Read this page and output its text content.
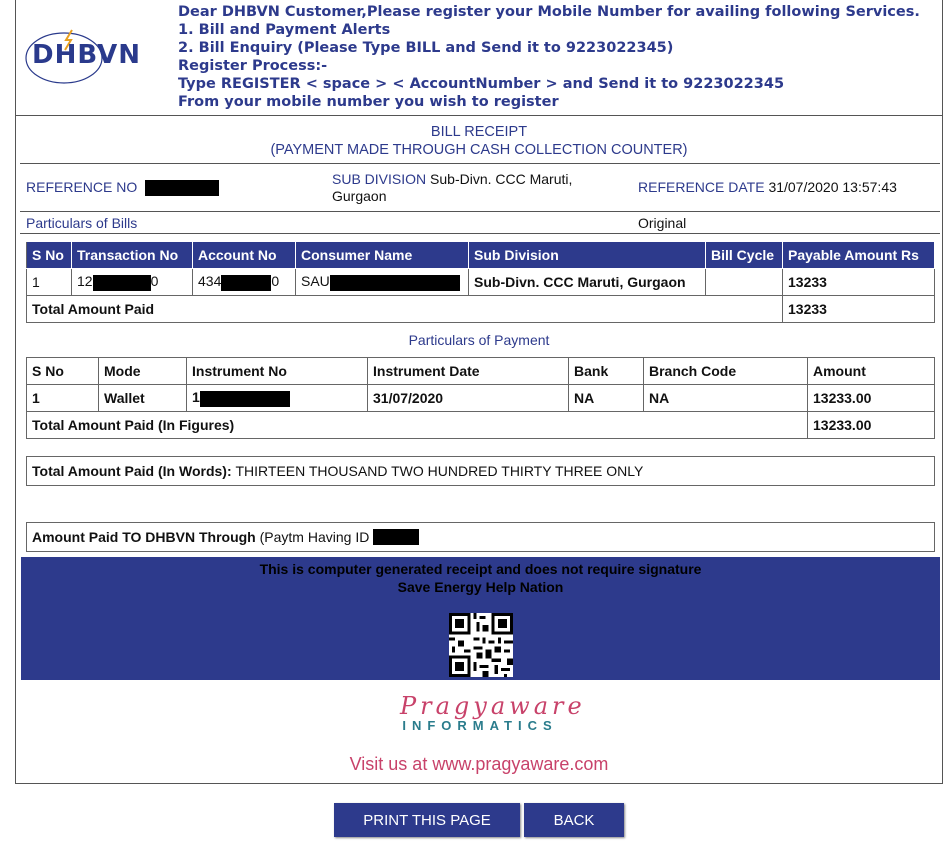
DHBVN
Dear DHBVN Customer,Please register your Mobile Number for availing following Services.
1. Bill and Payment Alerts
2. Bill Enquiry (Please Type BILL and Send it to 9223022345)
Register Process:-
Type REGISTER < space > < AccountNumber > and Send it to 9223022345
From your mobile number you wish to register
BILL RECEIPT
(PAYMENT MADE THROUGH CASH COLLECTION COUNTER)
REFERENCE NO	SUB DIVISION Sub-Divn. CCC Maruti,
Gurgaon
REFERENCE DATE 31/07/2020 13:57:43
Particulars of Bills	Original
S No	Transaction No	Account No	Consumer Name	Sub Division	Bill Cycle	Payable Amount Rs
1	12 0	434 0	SAU	Sub-Divn. CCC Maruti, Gurgaon		13233
Total Amount Paid						13233
Particulars of Payment
S No	Mode	Instrument No	Instrument Date	Bank	Branch Code	Amount
1	Wallet	1	31/07/2020	NA	NA	13233.00
Total Amount Paid (In Figures)						13233.00
Total Amount Paid (In Words):
THIRTEEN THOUSAND TWO HUNDRED THIRTY THREE ONLY
Amount Paid TO DHBVN Through
(Paytm Having ID

This is computer generated receipt and does not require signature
Save Energy Help Nation
Pragyaware
INFORMATICS
Visit us at www.pragyaware.com
PRINT THIS PAGE	BACK
